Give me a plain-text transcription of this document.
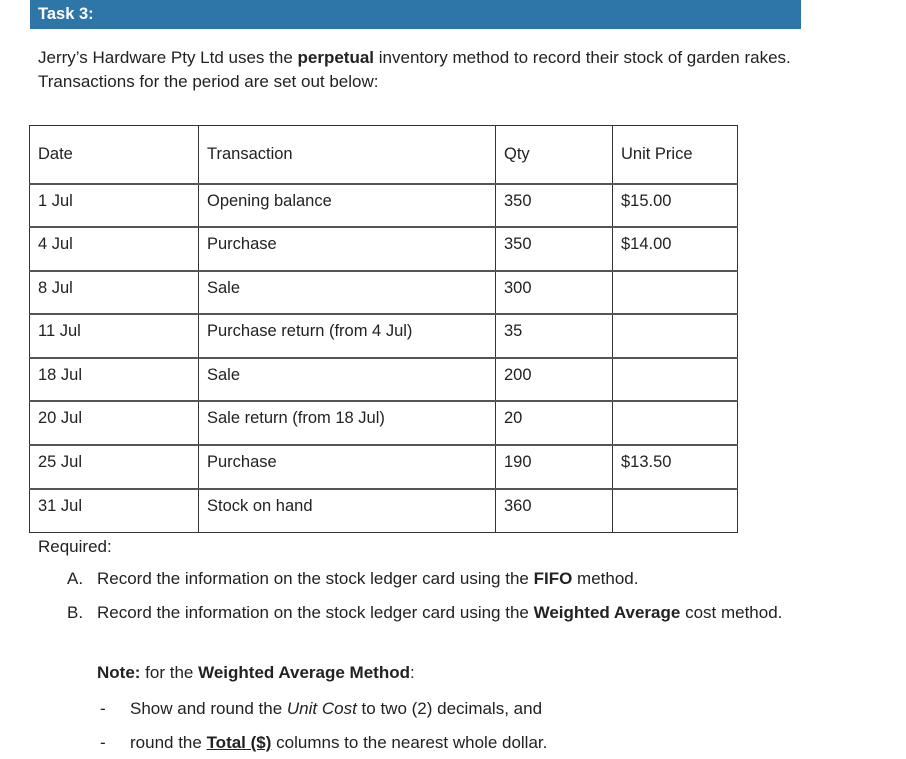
Task 3:
Jerry’s Hardware Pty Ltd uses the perpetual inventory method to record their stock of garden rakes. Transactions for the period are set out below:
Date	Transaction	Qty	Unit Price
1 Jul	Opening balance	350	$15.00
4 Jul	Purchase	350	$14.00
8 Jul	Sale	300	
11 Jul	Purchase return (from 4 Jul)	35	
18 Jul	Sale	200	
20 Jul	Sale return (from 18 Jul)	20	
25 Jul	Purchase	190	$13.50
31 Jul	Stock on hand	360	
Required:
A. Record the information on the stock ledger card using the FIFO method.
B. Record the information on the stock ledger card using the Weighted Average cost method.
Note: for the Weighted Average Method:
-	Show and round the Unit Cost to two (2) decimals, and
-	round the Total ($) columns to the nearest whole dollar.
